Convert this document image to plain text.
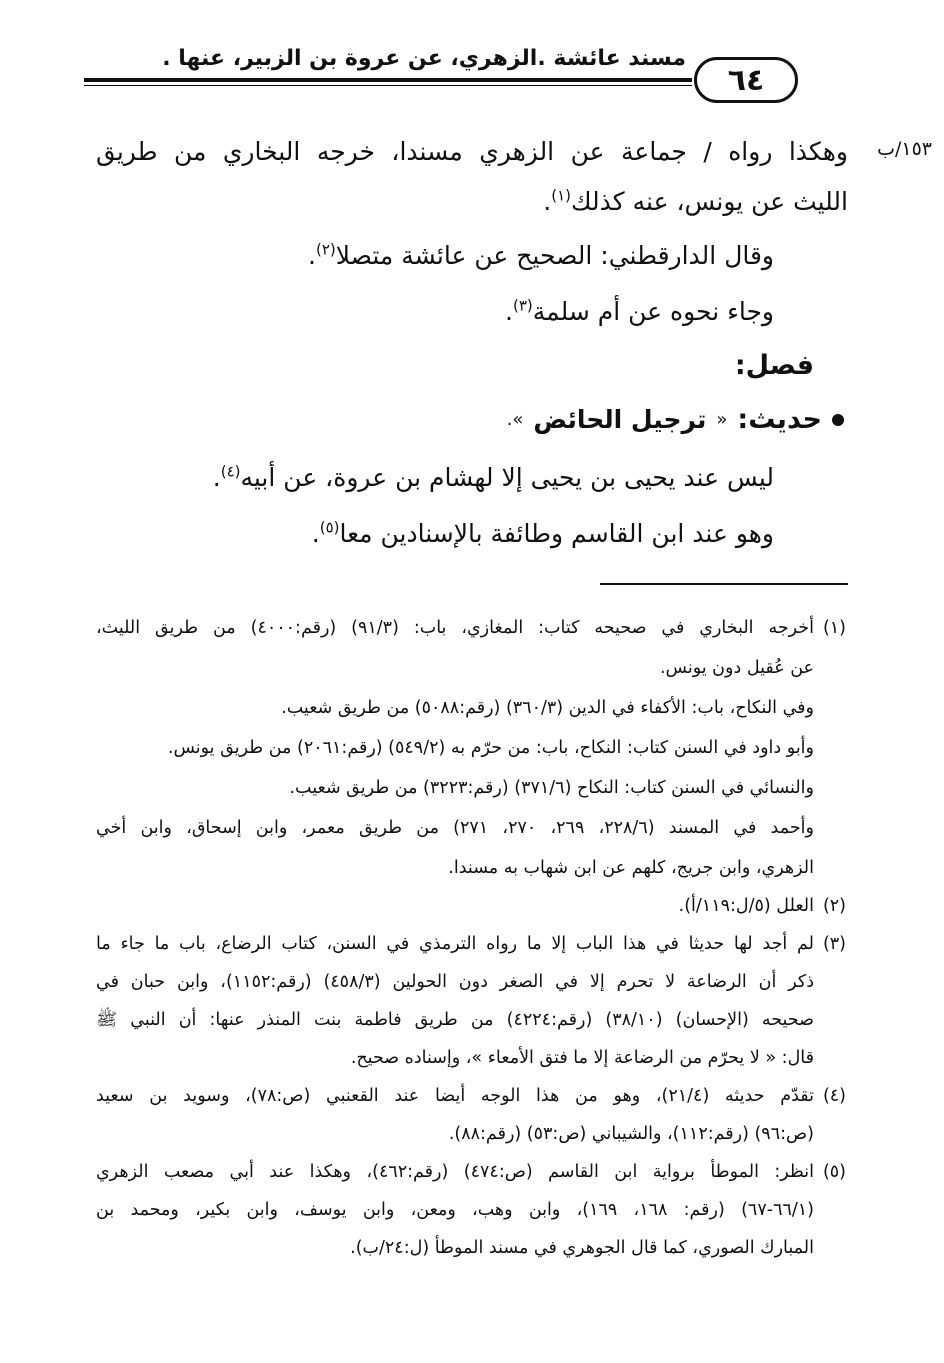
مسند عائشة .الزهري، عن عروة بن الزبير، عنها .
٦٤
١٥٣/ب
وهكذا رواه / جماعة عن الزهري مسندا، خرجه البخاري من طريق
الليث عن يونس، عنه كذلك$^{(١)}$.
وقال الدارقطني: الصحيح عن عائشة متصلا$^{(٢)}$.
وجاء نحوه عن أم سلمة$^{(٣)}$.
فصل:
حديث:
«
ترجيل الحائض
».
ليس عند يحيى بن يحيى إلا لهشام بن عروة، عن أبيه$^{(٤)}$.
وهو عند ابن القاسم وطائفة بالإسنادين معا$^{(٥)}$.
(١)
أخرجه البخاري في صحيحه كتاب: المغازي، باب: (٩١/٣) (رقم:٤٠٠٠) من طريق الليث،
عن عُقيل دون يونس.
وفي النكاح، باب: الأكفاء في الدين (٣٦٠/٣) (رقم:٥٠٨٨) من طريق شعيب.
وأبو داود في السنن كتاب: النكاح، باب: من حرّم به (٥٤٩/٢) (رقم:٢٠٦١) من طريق يونس.
والنسائي في السنن كتاب: النكاح (٣٧١/٦) (رقم:٣٢٢٣) من طريق شعيب.
وأحمد في المسند (٢٢٨/٦، ٢٦٩، ٢٧٠، ٢٧١) من طريق معمر، وابن إسحاق، وابن أخي
الزهري، وابن جريج، كلهم عن ابن شهاب به مسندا.
(٢)
العلل (٥/ل:١١٩/أ).
(٣)
لم أجد لها حديثا في هذا الباب إلا ما رواه الترمذي في السنن، كتاب الرضاع، باب ما جاء ما
ذكر أن الرضاعة لا تحرم إلا في الصغر دون الحولين (٤٥٨/٣) (رقم:١١٥٢)، وابن حبان في
صحيحه (الإحسان) (٣٨/١٠) (رقم:٤٢٢٤) من طريق فاطمة بنت المنذر عنها: أن النبي ﷺ
قال: « لا يحرّم من الرضاعة إلا ما فتق الأمعاء »، وإسناده صحيح.
(٤)
تقدّم حديثه (٢١/٤)، وهو من هذا الوجه أيضا عند القعنبي (ص:٧٨)، وسويد بن سعيد
(ص:٩٦) (رقم:١١٢)، والشيباني (ص:٥٣) (رقم:٨٨).
(٥)
انظر: الموطأ برواية ابن القاسم (ص:٤٧٤) (رقم:٤٦٢)، وهكذا عند أبي مصعب الزهري
(٦٦/١-٦٧) (رقم: ١٦٨، ١٦٩)، وابن وهب، ومعن، وابن يوسف، وابن بكير، ومحمد بن
المبارك الصوري، كما قال الجوهري في مسند الموطأ (ل:٢٤/ب).
